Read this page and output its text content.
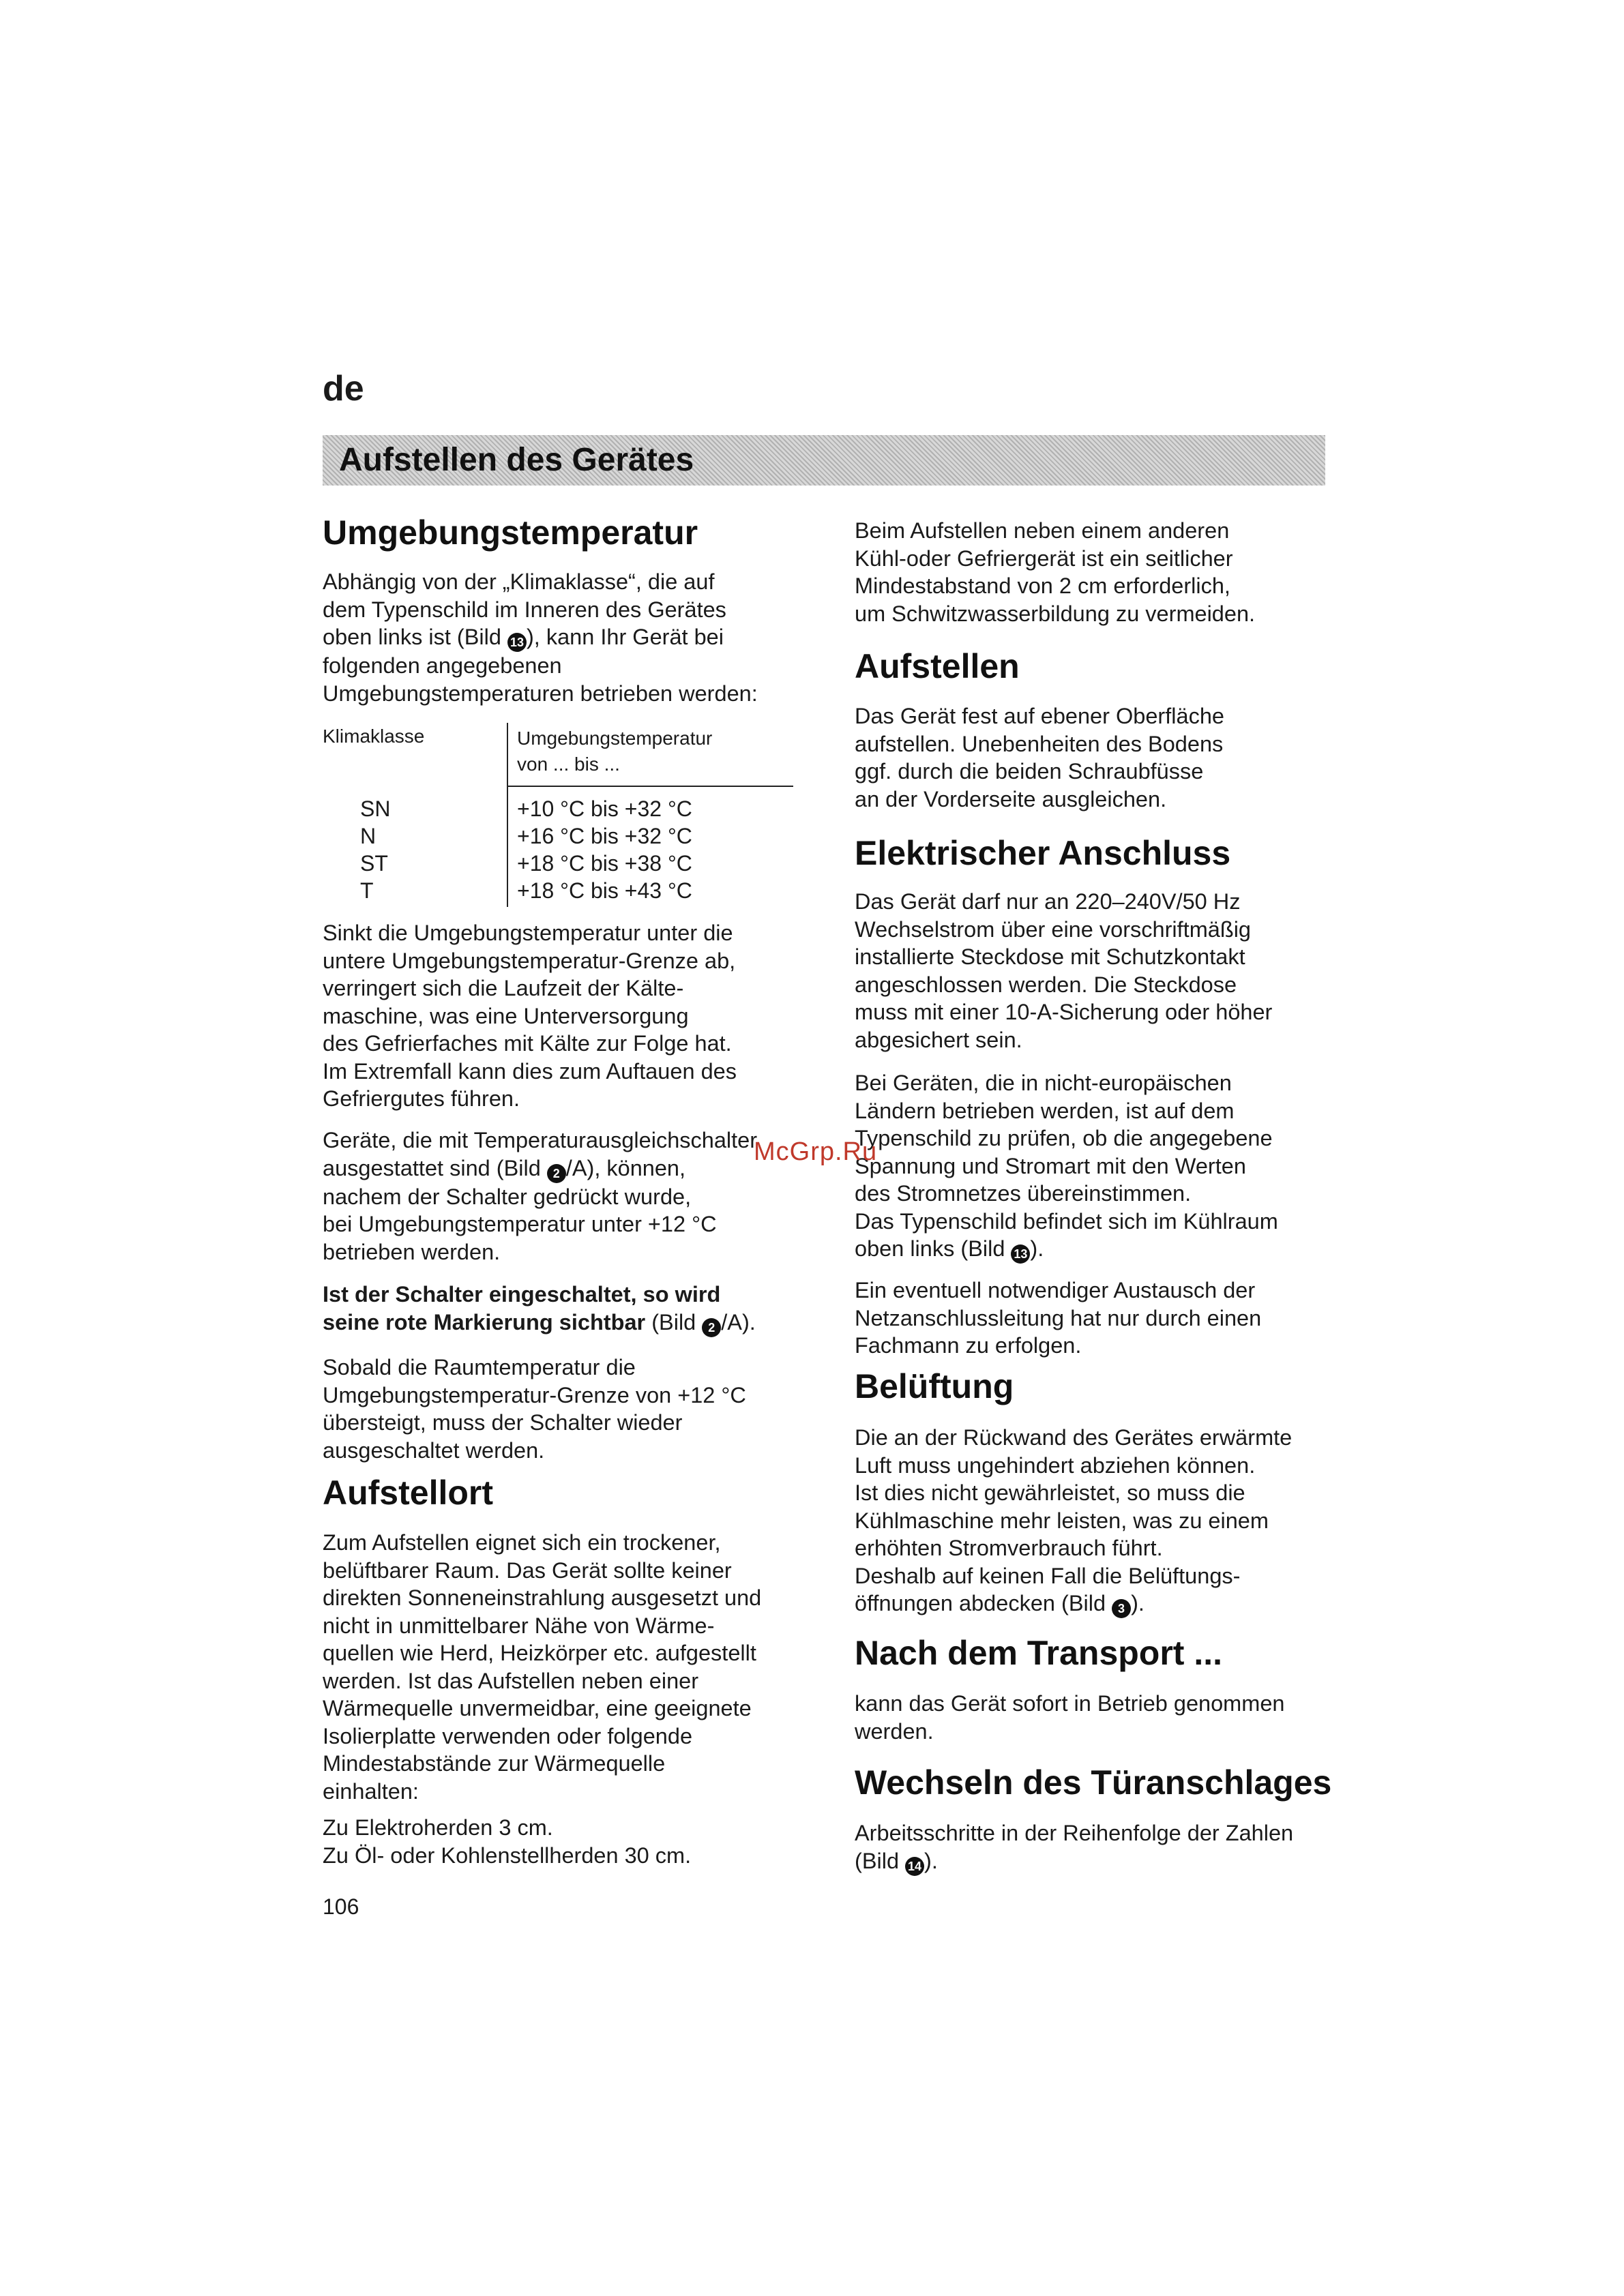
de
Aufstellen des Gerätes
Umgebungstemperatur

Abhängig von der „Klimaklasse“, die auf
dem Typenschild im Inneren des Gerätes
oben links ist (Bild 13 ), kann Ihr Gerät bei
folgenden angegebenen
Umgebungstemperaturen betrieben werden:

Klimaklasse	Umgebungstemperatur
von ... bis ...
SN	+10 °C bis +32 °C
N	+16 °C bis +32 °C
ST	+18 °C bis +38 °C
T	+18 °C bis +43 °C

Sinkt die Umgebungstemperatur unter die
untere Umgebungstemperatur-Grenze ab,
verringert sich die Laufzeit der Kälte-
maschine, was eine Unterversorgung
des Gefrierfaches mit Kälte zur Folge hat.
Im Extremfall kann dies zum Auftauen des
Gefriergutes führen.

Geräte, die mit Temperaturausgleichschalter
ausgestattet sind (Bild 2 /A), können,
nachem der Schalter gedrückt wurde,
bei Umgebungstemperatur unter +12 °C
betrieben werden.

Ist der Schalter eingeschaltet, so wird
seine rote Markierung sichtbar (Bild 2 /A).

Sobald die Raumtemperatur die
Umgebungstemperatur-Grenze von +12 °C
übersteigt, muss der Schalter wieder
ausgeschaltet werden.

Aufstellort

Zum Aufstellen eignet sich ein trockener,
belüftbarer Raum. Das Gerät sollte keiner
direkten Sonneneinstrahlung ausgesetzt und
nicht in unmittelbarer Nähe von Wärme-
quellen wie Herd, Heizkörper etc. aufgestellt
werden. Ist das Aufstellen neben einer
Wärmequelle unvermeidbar, eine geeignete
Isolierplatte verwenden oder folgende
Mindestabstände zur Wärmequelle
einhalten:

Zu Elektroherden 3 cm.
Zu Öl- oder Kohlenstellherden 30 cm.

106

Beim Aufstellen neben einem anderen
Kühl-oder Gefriergerät ist ein seitlicher
Mindestabstand von 2 cm erforderlich,
um Schwitzwasserbildung zu vermeiden.

Aufstellen

Das Gerät fest auf ebener Oberfläche
aufstellen. Unebenheiten des Bodens
ggf. durch die beiden Schraubfüsse
an der Vorderseite ausgleichen.

Elektrischer Anschluss

Das Gerät darf nur an 220–240V/50 Hz
Wechselstrom über eine vorschriftmäßig
installierte Steckdose mit Schutzkontakt
angeschlossen werden. Die Steckdose
muss mit einer 10-A-Sicherung oder höher
abgesichert sein.

Bei Geräten, die in nicht-europäischen
Ländern betrieben werden, ist auf dem
Typenschild zu prüfen, ob die angegebene
Spannung und Stromart mit den Werten
des Stromnetzes übereinstimmen.
Das Typenschild befindet sich im Kühlraum
oben links (Bild 13 ).

Ein eventuell notwendiger Austausch der
Netzanschlussleitung hat nur durch einen
Fachmann zu erfolgen.

Belüftung

Die an der Rückwand des Gerätes erwärmte
Luft muss ungehindert abziehen können.
Ist dies nicht gewährleistet, so muss die
Kühlmaschine mehr leisten, was zu einem
erhöhten Stromverbrauch führt.
Deshalb auf keinen Fall die Belüftungs-
öffnungen abdecken (Bild 3 ).

Nach dem Transport ...

kann das Gerät sofort in Betrieb genommen
werden.

Wechseln des Türanschlages

Arbeitsschritte in der Reihenfolge der Zahlen
(Bild 14 ).

McGrp.Ru
